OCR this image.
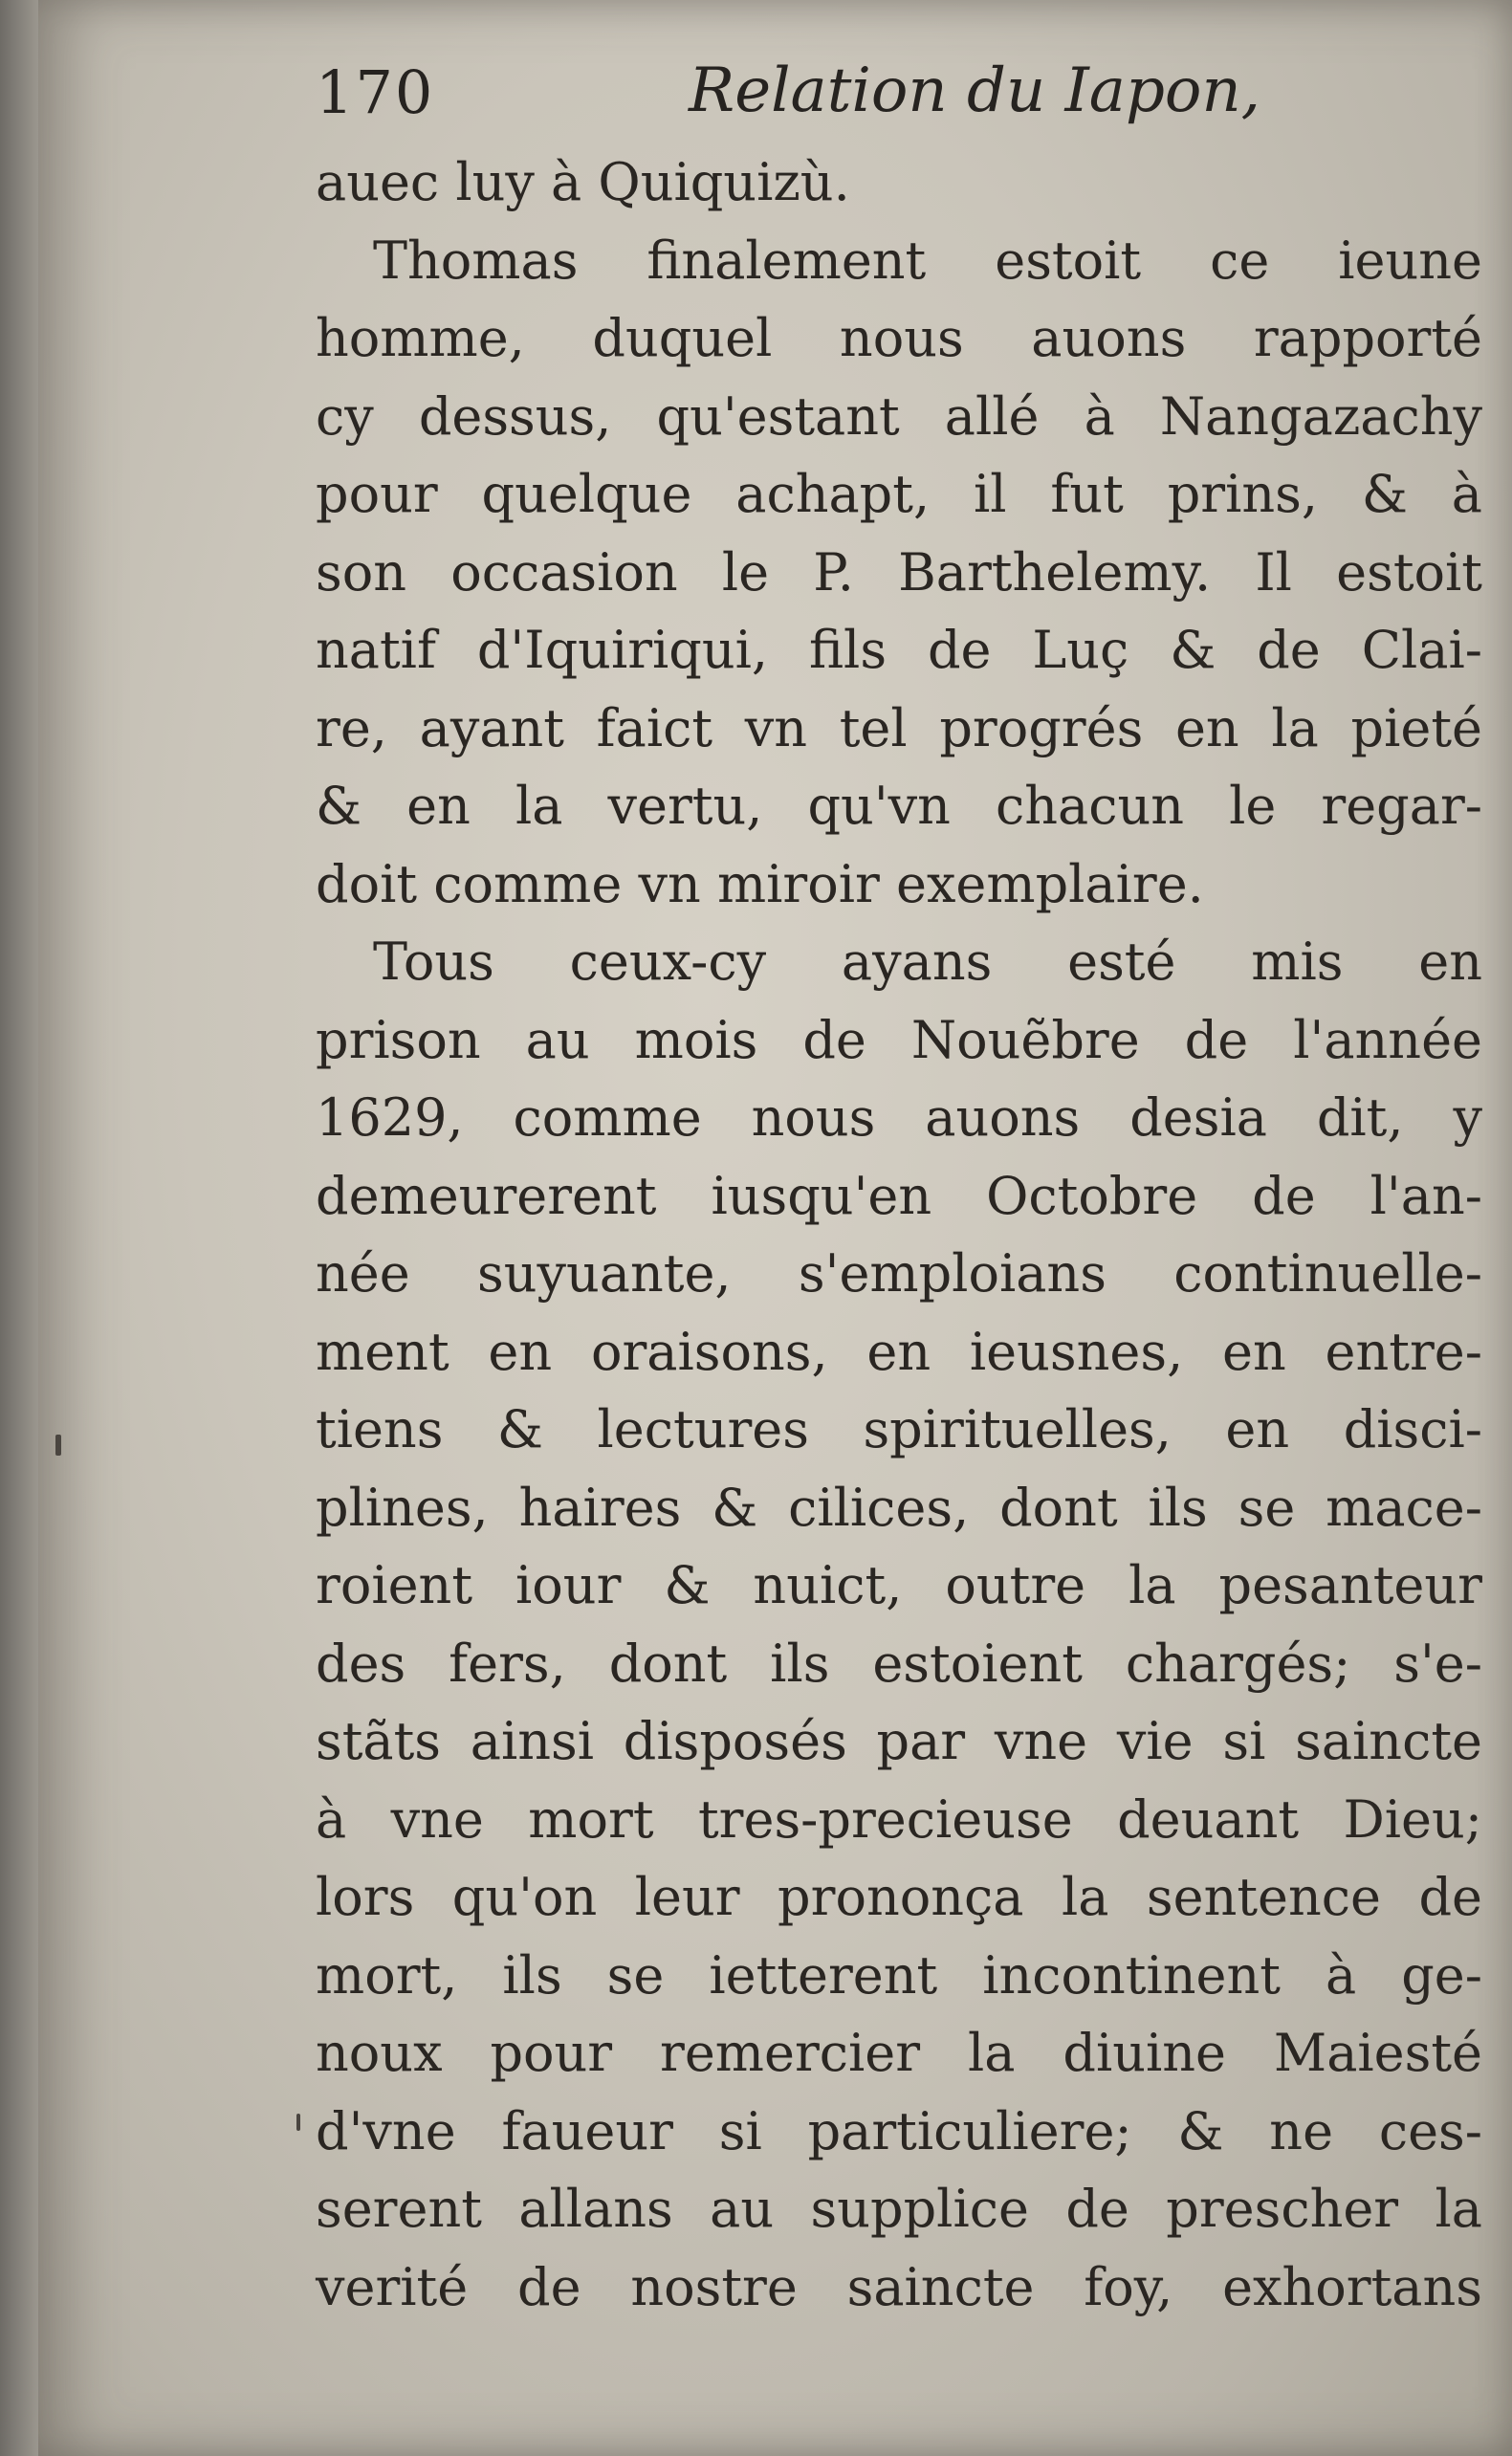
170	Relation du Iapon,
auec luy à Quiquizù.
Thomas finalement estoit ce ieune
homme, duquel nous auons rapporté
cy dessus, qu'estant allé à Nangazachy
pour quelque achapt, il fut prins, & à
son occasion le P. Barthelemy. Il estoit
natif d'Iquiriqui, fils de Luç & de Clai-
re, ayant faict vn tel progrés en la pieté
& en la vertu, qu'vn chacun le regar-
doit comme vn miroir exemplaire.
Tous ceux-cy ayans esté mis en
prison au mois de Nouẽbre de l'année
1629, comme nous auons desia dit, y
demeurerent iusqu'en Octobre de l'an-
née suyuante, s'emploians continuelle-
ment en oraisons, en ieusnes, en entre-
tiens & lectures spirituelles, en disci-
plines, haires & cilices, dont ils se mace-
roient iour & nuict, outre la pesanteur
des fers, dont ils estoient chargés; s'e-
stãts ainsi disposés par vne vie si saincte
à vne mort tres-precieuse deuant Dieu;
lors qu'on leur prononça la sentence de
mort, ils se ietterent incontinent à ge-
noux pour remercier la diuine Maiesté
d'vne faueur si particuliere; & ne ces-
serent allans au supplice de prescher la
verité de nostre saincte foy, exhortans
